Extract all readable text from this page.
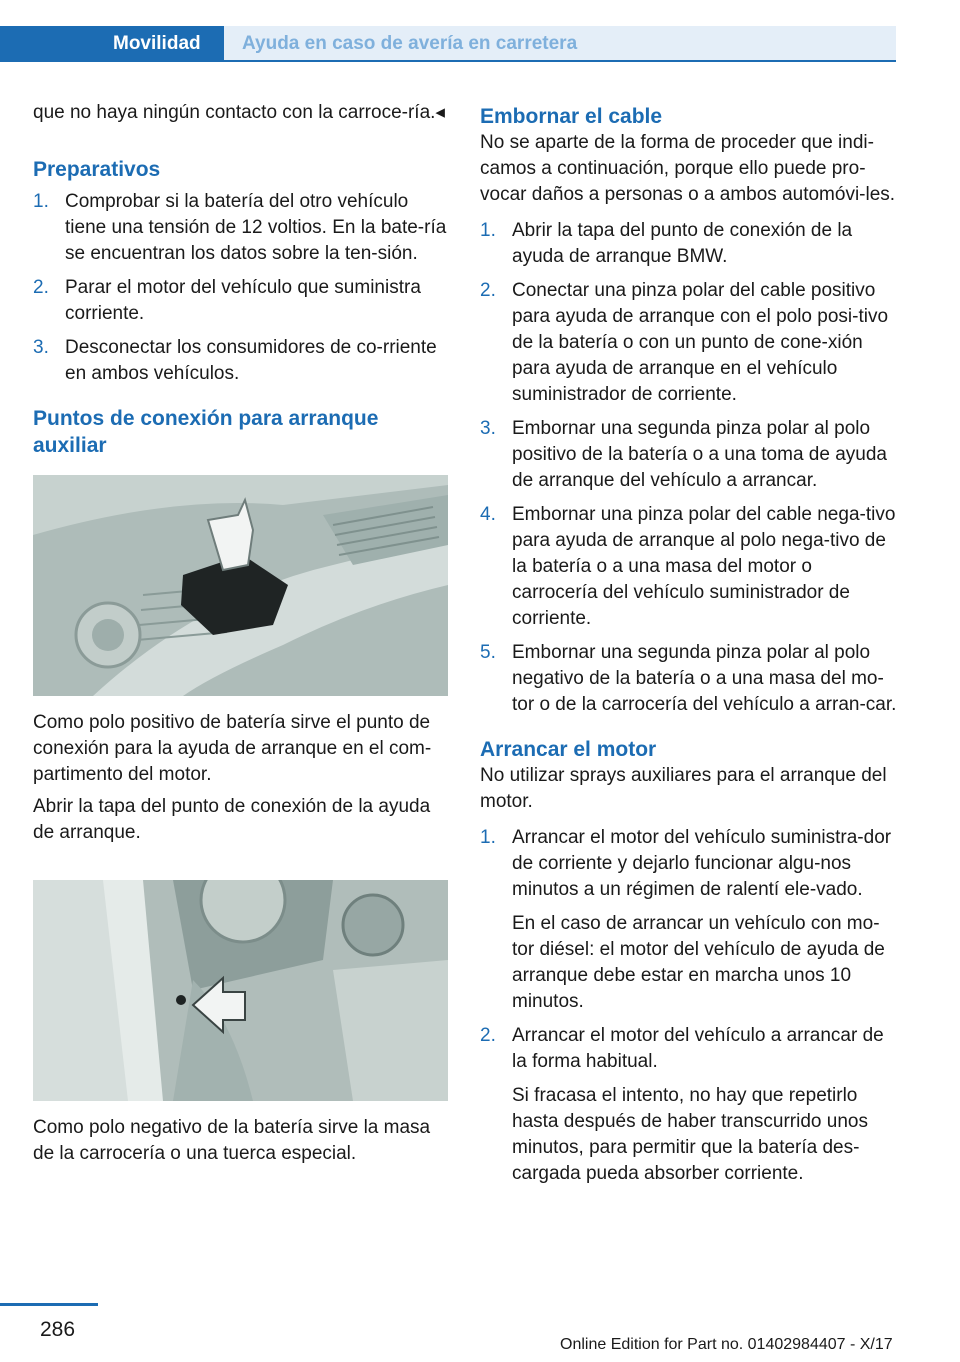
Movilidad Ayuda en caso de avería en carretera

que no haya ningún contacto con la carroce‐ría.◂

Preparativos
1. Comprobar si la batería del otro vehículo tiene una tensión de 12 voltios. En la bate‐ría se encuentran los datos sobre la ten‐sión.
2. Parar el motor del vehículo que suministra corriente.
3. Desconectar los consumidores de co‐rriente en ambos vehículos.
Puntos de conexión para arranque auxiliar

Como polo positivo de batería sirve el punto de conexión para la ayuda de arranque en el com‐partimento del motor.

Abrir la tapa del punto de conexión de la ayuda de arranque.

Como polo negativo de la batería sirve la masa de la carrocería o una tuerca especial.

Embornar el cable

No se aparte de la forma de proceder que indi‐camos a continuación, porque ello puede pro‐vocar daños a personas o a ambos automóvi‐les.

1. Abrir la tapa del punto de conexión de la ayuda de arranque BMW.
2. Conectar una pinza polar del cable positivo para ayuda de arranque con el polo posi‐tivo de la batería o con un punto de cone‐xión para ayuda de arranque en el vehículo suministrador de corriente.
3. Embornar una segunda pinza polar al polo positivo de la batería o a una toma de ayuda de arranque del vehículo a arrancar.
4. Embornar una pinza polar del cable nega‐tivo para ayuda de arranque al polo nega‐tivo de la batería o a una masa del motor o carrocería del vehículo suministrador de corriente.
5. Embornar una segunda pinza polar al polo negativo de la batería o a una masa del mo‐tor o de la carrocería del vehículo a arran‐car.
Arrancar el motor

No utilizar sprays auxiliares para el arranque del motor.

1. Arrancar el motor del vehículo suministra‐dor de corriente y dejarlo funcionar algu‐nos minutos a un régimen de ralentí ele‐vado.
En el caso de arrancar un vehículo con mo‐tor diésel: el motor del vehículo de ayuda de arranque debe estar en marcha unos 10 minutos.
2. Arrancar el motor del vehículo a arrancar de la forma habitual.
Si fracasa el intento, no hay que repetirlo hasta después de haber transcurrido unos minutos, para permitir que la batería des‐cargada pueda absorber corriente.
286
Online Edition for Part no. 01402984407 - X/17
